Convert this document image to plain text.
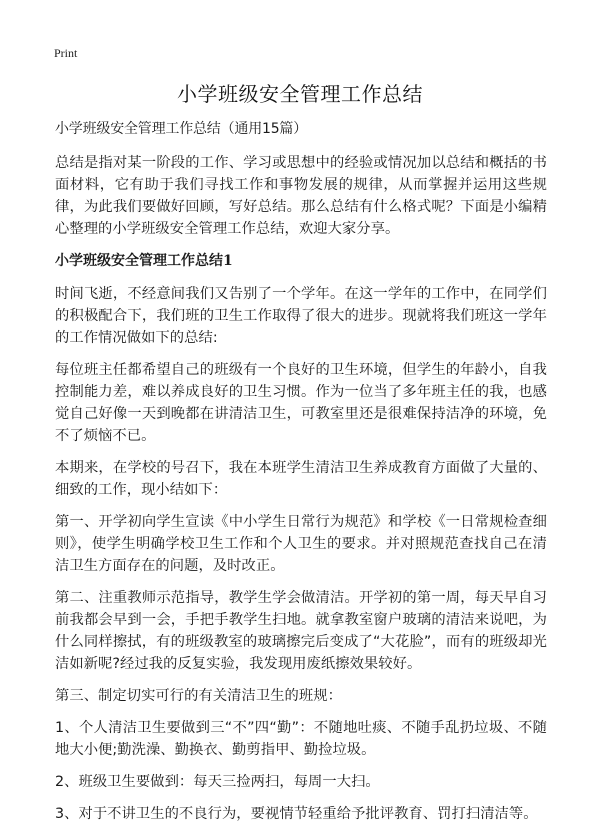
Print
小学班级安全管理工作总结
小学班级安全管理工作总结（通用15篇）

总结是指对某一阶段的工作、学习或思想中的经验或情况加以总结和概括的书面材料，它有助于我们寻找工作和事物发展的规律，从而掌握并运用这些规律，为此我们要做好回顾，写好总结。那么总结有什么格式呢？下面是小编精心整理的小学班级安全管理工作总结，欢迎大家分享。

小学班级安全管理工作总结1

时间飞逝，不经意间我们又告别了一个学年。在这一学年的工作中，在同学们的积极配合下，我们班的卫生工作取得了很大的进步。现就将我们班这一学年的工作情况做如下的总结:

每位班主任都希望自己的班级有一个良好的卫生环境，但学生的年龄小，自我控制能力差，难以养成良好的卫生习惯。作为一位当了多年班主任的我，也感觉自己好像一天到晚都在讲清洁卫生，可教室里还是很难保持洁净的环境，免不了烦恼不已。

本期来，在学校的号召下，我在本班学生清洁卫生养成教育方面做了大量的、细致的工作，现小结如下：

第一、开学初向学生宣读《中小学生日常行为规范》和学校《一日常规检查细则》，使学生明确学校卫生工作和个人卫生的要求。并对照规范查找自己在清洁卫生方面存在的问题，及时改正。

第二、注重教师示范指导，教学生学会做清洁。开学初的第一周，每天早自习前我都会早到一会，手把手教学生扫地。就拿教室窗户玻璃的清洁来说吧，为什么同样擦拭，有的班级教室的玻璃擦完后变成了“大花脸”，而有的班级却光洁如新呢?经过我的反复实验，我发现用废纸擦效果较好。

第三、制定切实可行的有关清洁卫生的班规：

1、个人清洁卫生要做到三“不”四“勤”：不随地吐痰、不随手乱扔垃圾、不随地大小便;勤洗澡、勤换衣、勤剪指甲、勤捡垃圾。

2、班级卫生要做到：每天三捡两扫，每周一大扫。

3、对于不讲卫生的不良行为，要视情节轻重给予批评教育、罚打扫清洁等。
